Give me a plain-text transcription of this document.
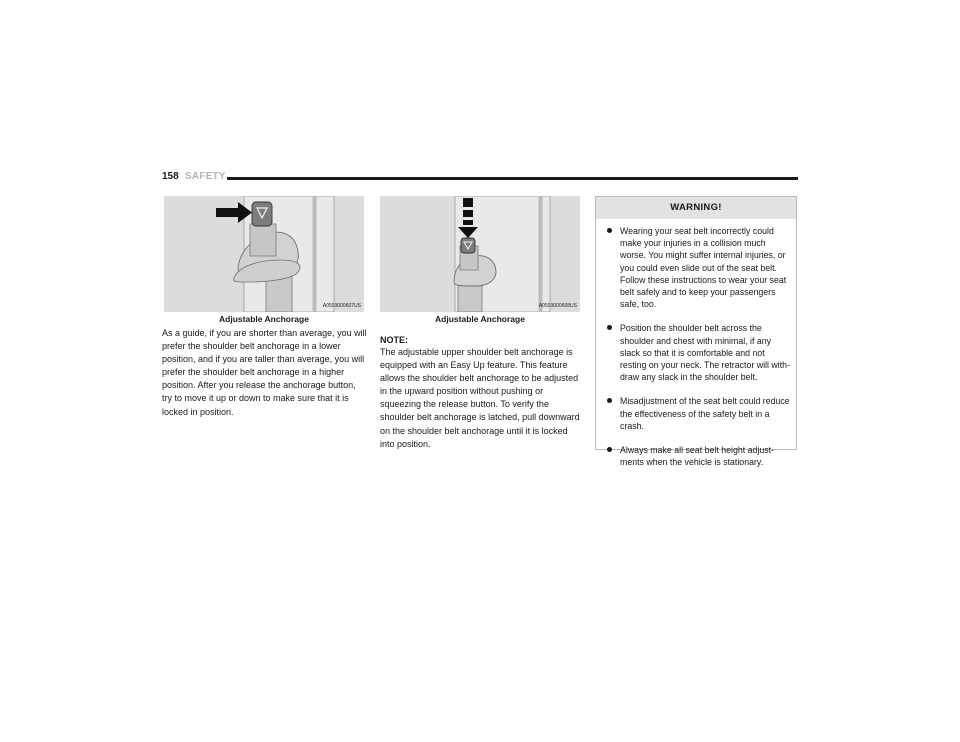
158 SAFETY
A0503000607US
Adjustable Anchorage
A0503000608US
Adjustable Anchorage

As a guide, if you are shorter than average, you will prefer the shoulder belt anchorage in a lower position, and if you are taller than average, you will prefer the shoulder belt anchorage in a higher position. After you release the anchorage button, try to move it up or down to make sure that it is locked in position.

NOTE:

The adjustable upper shoulder belt anchorage is equipped with an Easy Up feature. This feature allows the shoulder belt anchorage to be adjusted in the upward position without pushing or squeezing the release button. To verify the shoulder belt anchorage is latched, pull downward on the shoulder belt anchorage until it is locked into position.

WARNING!
Wearing your seat belt incorrectly could make your injuries in a collision much worse. You might suffer internal injuries, or you could even slide out of the seat belt. Follow these instructions to wear your seat belt safely and to keep your passengers safe, too.
Position the shoulder belt across the shoulder and chest with minimal, if any slack so that it is comfortable and not resting on your neck. The retractor will with-draw any slack in the shoulder belt.
Misadjustment of the seat belt could reduce the effectiveness of the safety belt in a crash.
Always make all seat belt height adjust-ments when the vehicle is stationary.
